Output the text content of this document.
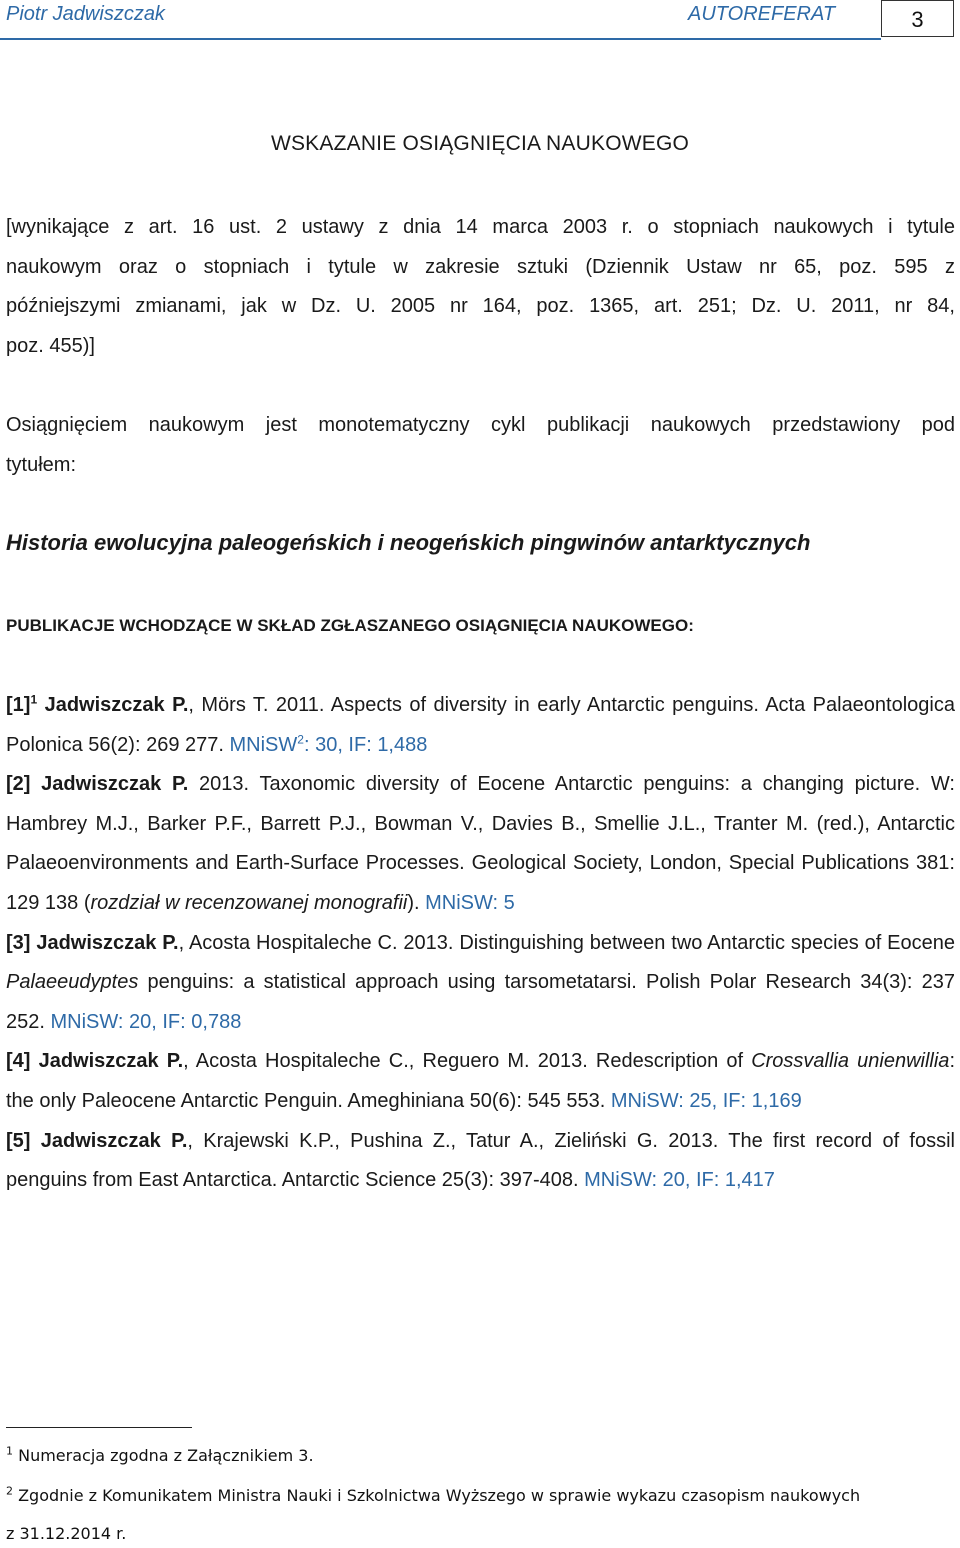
Piotr Jadwiszczak	AUTOREFERAT	3
WSKAZANIE OSIĄGNIĘCIA NAUKOWEGO
[wynikające z art. 16 ust. 2 ustawy z dnia 14 marca 2003 r. o stopniach naukowych i tytule
naukowym oraz o stopniach i tytule w zakresie sztuki (Dziennik Ustaw nr 65, poz. 595 z
późniejszymi zmianami, jak w Dz. U. 2005 nr 164, poz. 1365, art. 251; Dz. U. 2011, nr 84,
poz. 455)]
Osiągnięciem naukowym jest monotematyczny cykl publikacji naukowych przedstawiony pod
tytułem:
Historia ewolucyjna paleogeńskich i neogeńskich pingwinów antarktycznych
PUBLIKACJE WCHODZĄCE W SKŁAD ZGŁASZANEGO OSIĄGNIĘCIA NAUKOWEGO:

$[1]^1$ Jadwiszczak P., Mörs T. 2011. Aspects of diversity in early Antarctic penguins. Acta Palaeontologica Polonica 56(2): 269 277. MNiSW$^2$: 30, IF: 1,488

[2] Jadwiszczak P. 2013. Taxonomic diversity of Eocene Antarctic penguins: a changing picture. W: Hambrey M.J., Barker P.F., Barrett P.J., Bowman V., Davies B., Smellie J.L., Tranter M. (red.), Antarctic Palaeoenvironments and Earth-Surface Processes. Geological Society, London, Special Publications 381: 129 138 (rozdział w recenzowanej monografii). MNiSW: 5

[3] Jadwiszczak P., Acosta Hospitaleche C. 2013. Distinguishing between two Antarctic species of Eocene Palaeeudyptes penguins: a statistical approach using tarsometatarsi. Polish Polar Research 34(3): 237 252. MNiSW: 20, IF: 0,788

[4] Jadwiszczak P., Acosta Hospitaleche C., Reguero M. 2013. Redescription of Crossvallia unienwillia: the only Paleocene Antarctic Penguin. Ameghiniana 50(6): 545 553. MNiSW: 25, IF: 1,169

[5] Jadwiszczak P., Krajewski K.P., Pushina Z., Tatur A., Zieliński G. 2013. The first record of fossil penguins from East Antarctica. Antarctic Science 25(3): 397-408. MNiSW: 20, IF: 1,417

$^1$ Numeracja zgodna z Załącznikiem 3.
$^2$ Zgodnie z Komunikatem Ministra Nauki i Szkolnictwa Wyższego w sprawie wykazu czasopism naukowych
z 31.12.2014 r.
